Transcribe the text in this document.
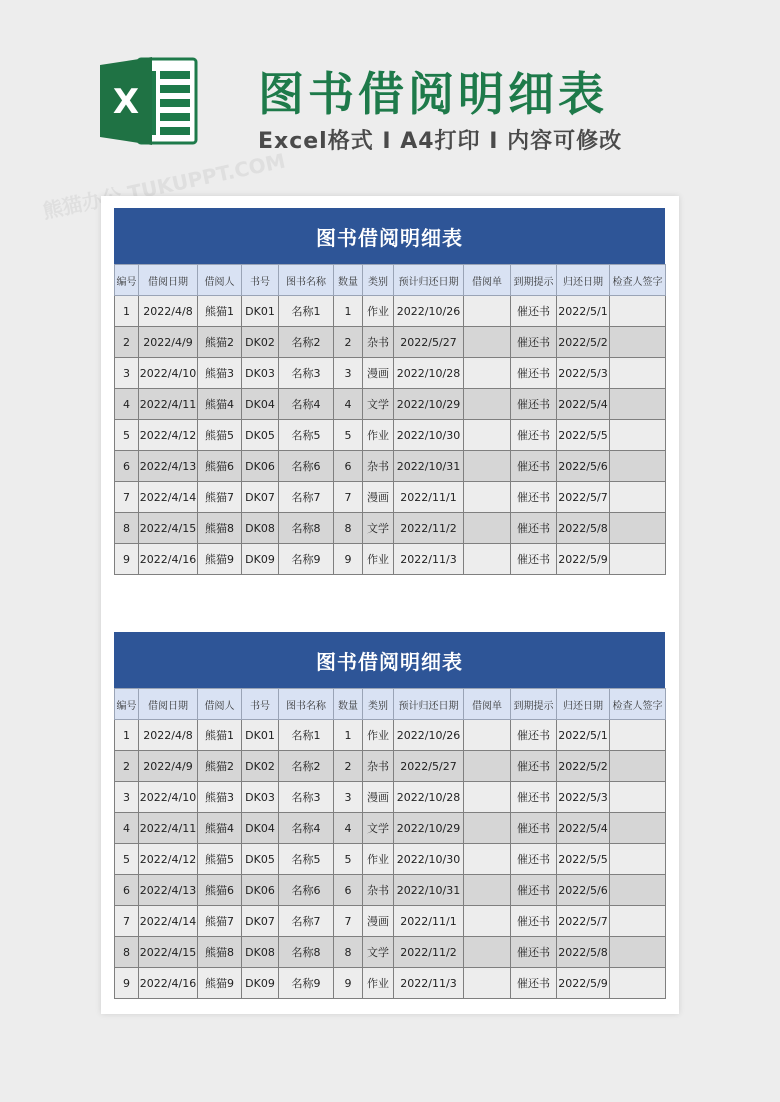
X	图书借阅明细表
Excel格式 I A4打印 I 内容可修改
熊猫办公 TUKUPPT.COM
图书借阅明细表
编号	借阅日期	借阅人	书号	图书名称	数量	类别	预计归还日期	借阅单	到期提示	归还日期	检查人签字
1	2022/4/8	熊猫1	DK01	名称1	1	作业	2022/10/26		催还书	2022/5/1	
2	2022/4/9	熊猫2	DK02	名称2	2	杂书	2022/5/27		催还书	2022/5/2	
3	2022/4/10	熊猫3	DK03	名称3	3	漫画	2022/10/28		催还书	2022/5/3	
4	2022/4/11	熊猫4	DK04	名称4	4	文学	2022/10/29		催还书	2022/5/4	
5	2022/4/12	熊猫5	DK05	名称5	5	作业	2022/10/30		催还书	2022/5/5	
6	2022/4/13	熊猫6	DK06	名称6	6	杂书	2022/10/31		催还书	2022/5/6	
7	2022/4/14	熊猫7	DK07	名称7	7	漫画	2022/11/1		催还书	2022/5/7	
8	2022/4/15	熊猫8	DK08	名称8	8	文学	2022/11/2		催还书	2022/5/8	
9	2022/4/16	熊猫9	DK09	名称9	9	作业	2022/11/3		催还书	2022/5/9	
图书借阅明细表
编号	借阅日期	借阅人	书号	图书名称	数量	类别	预计归还日期	借阅单	到期提示	归还日期	检查人签字
1	2022/4/8	熊猫1	DK01	名称1	1	作业	2022/10/26		催还书	2022/5/1	
2	2022/4/9	熊猫2	DK02	名称2	2	杂书	2022/5/27		催还书	2022/5/2	
3	2022/4/10	熊猫3	DK03	名称3	3	漫画	2022/10/28		催还书	2022/5/3	
4	2022/4/11	熊猫4	DK04	名称4	4	文学	2022/10/29		催还书	2022/5/4	
5	2022/4/12	熊猫5	DK05	名称5	5	作业	2022/10/30		催还书	2022/5/5	
6	2022/4/13	熊猫6	DK06	名称6	6	杂书	2022/10/31		催还书	2022/5/6	
7	2022/4/14	熊猫7	DK07	名称7	7	漫画	2022/11/1		催还书	2022/5/7	
8	2022/4/15	熊猫8	DK08	名称8	8	文学	2022/11/2		催还书	2022/5/8	
9	2022/4/16	熊猫9	DK09	名称9	9	作业	2022/11/3		催还书	2022/5/9	
